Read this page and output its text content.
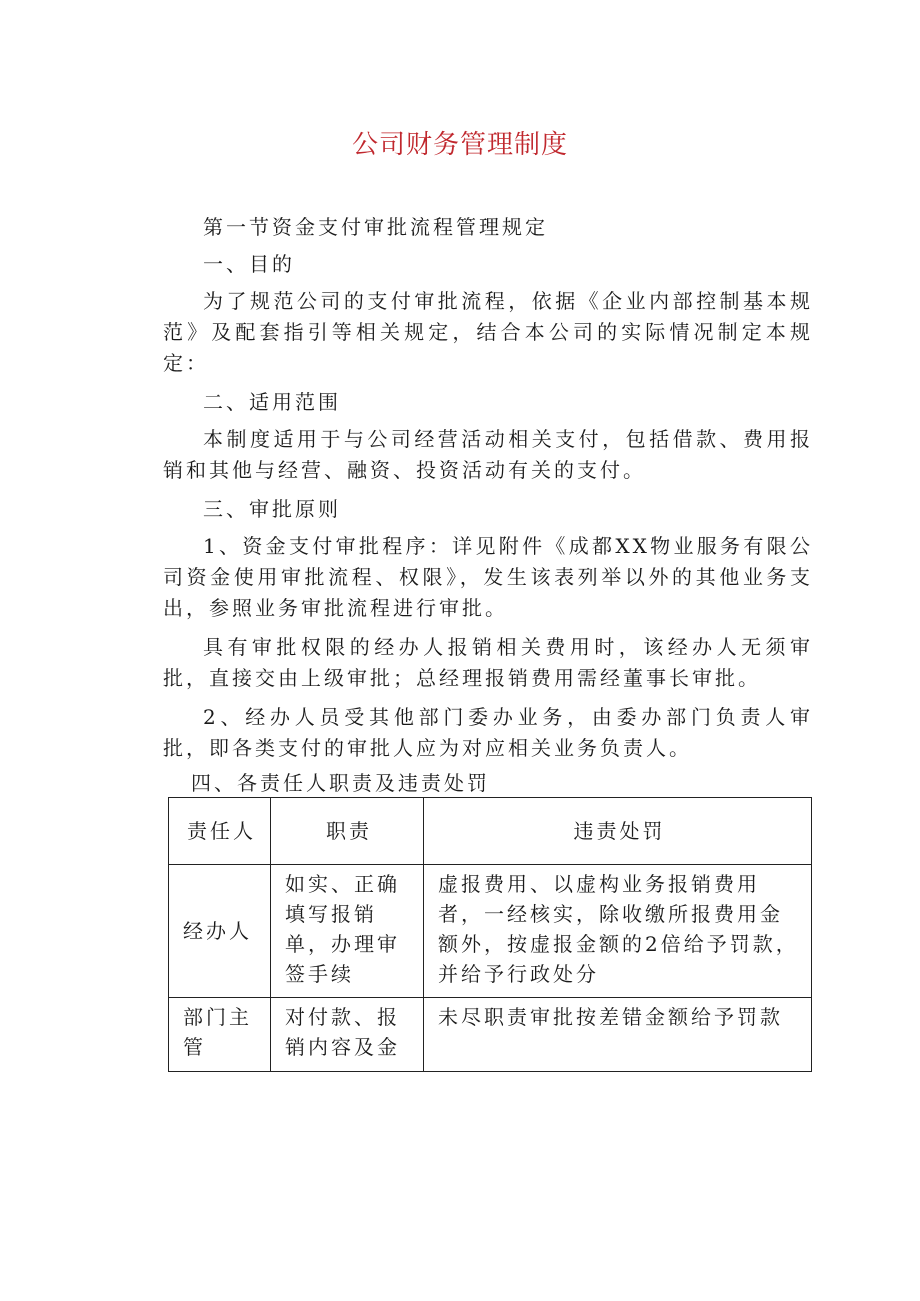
公司财务管理制度

第一节资金支付审批流程管理规定

一、目的

为了规范公司的支付审批流程，依据《企业内部控制基本规范》及配套指引等相关规定，结合本公司的实际情况制定本规定：

二、适用范围

本制度适用于与公司经营活动相关支付，包括借款、费用报销和其他与经营、融资、投资活动有关的支付。

三、审批原则

1、资金支付审批程序：详见附件《成都XX物业服务有限公司资金使用审批流程、权限》，发生该表列举以外的其他业务支出，参照业务审批流程进行审批。

具有审批权限的经办人报销相关费用时，该经办人无须审批，直接交由上级审批；总经理报销费用需经董事长审批。

2、经办人员受其他部门委办业务，由委办部门负责人审批，即各类支付的审批人应为对应相关业务负责人。

四、各责任人职责及违责处罚

责任人	职责	违责处罚
经办人	如实、正确填写报销单，办理审签手续	虚报费用、以虚构业务报销费用者，一经核实，除收缴所报费用金额外，按虚报金额的2倍给予罚款，并给予行政处分
部门主管	对付款、报销内容及金	未尽职责审批按差错金额给予罚款
